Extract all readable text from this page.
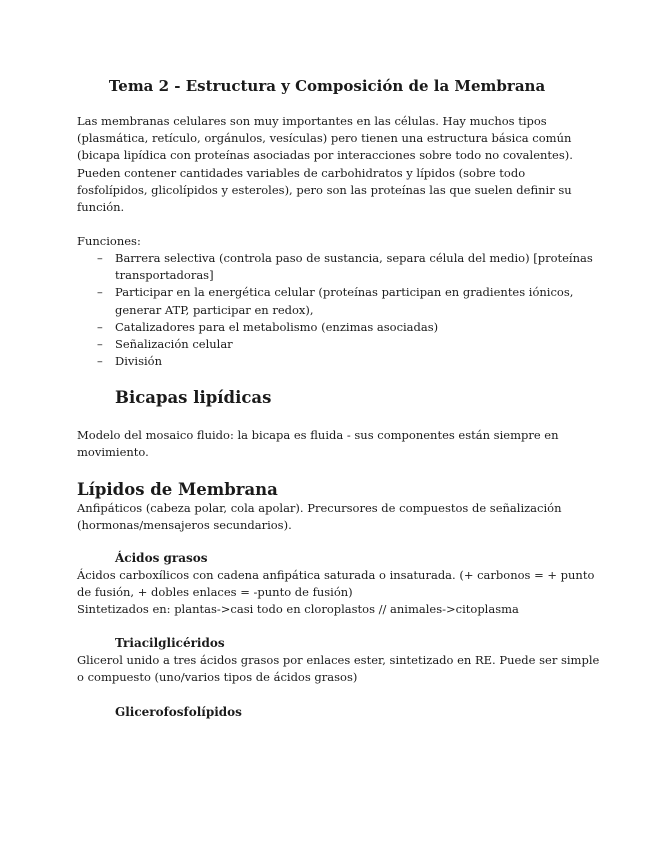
Tema 2 - Estructura y Composición de la Membrana

Las membranas celulares son muy importantes en las células. Hay muchos tipos
(plasmática, retículo, orgánulos, vesículas) pero tienen una estructura básica común
(bicapa lipídica con proteínas asociadas por interacciones sobre todo no covalentes).
Pueden contener cantidades variables de carbohidratos y lípidos (sobre todo
fosfolípidos, glicolípidos y esteroles), pero son las proteínas las que suelen definir su
función.

Funciones:

– Barrera selectiva (controla paso de sustancia, separa célula del medio) [proteínas
transportadoras]
– Participar en la energética celular (proteínas participan en gradientes iónicos,
generar ATP, participar en redox),
– Catalizadores para el metabolismo (enzimas asociadas)
– Señalización celular
– División
Bicapas lipídicas

Modelo del mosaico fluido: la bicapa es fluida - sus componentes están siempre en
movimiento.

Lípidos de Membrana

Anfipáticos (cabeza polar, cola apolar). Precursores de compuestos de señalización
(hormonas/mensajeros secundarios).

Ácidos grasos

Ácidos carboxílicos con cadena anfipática saturada o insaturada. (+ carbonos = + punto
de fusión, + dobles enlaces = -punto de fusión)
Sintetizados en: plantas->casi todo en cloroplastos // animales->citoplasma

Triacilglicéridos

Glicerol unido a tres ácidos grasos por enlaces ester, sintetizado en RE. Puede ser simple
o compuesto (uno/varios tipos de ácidos grasos)

Glicerofosfolípidos
